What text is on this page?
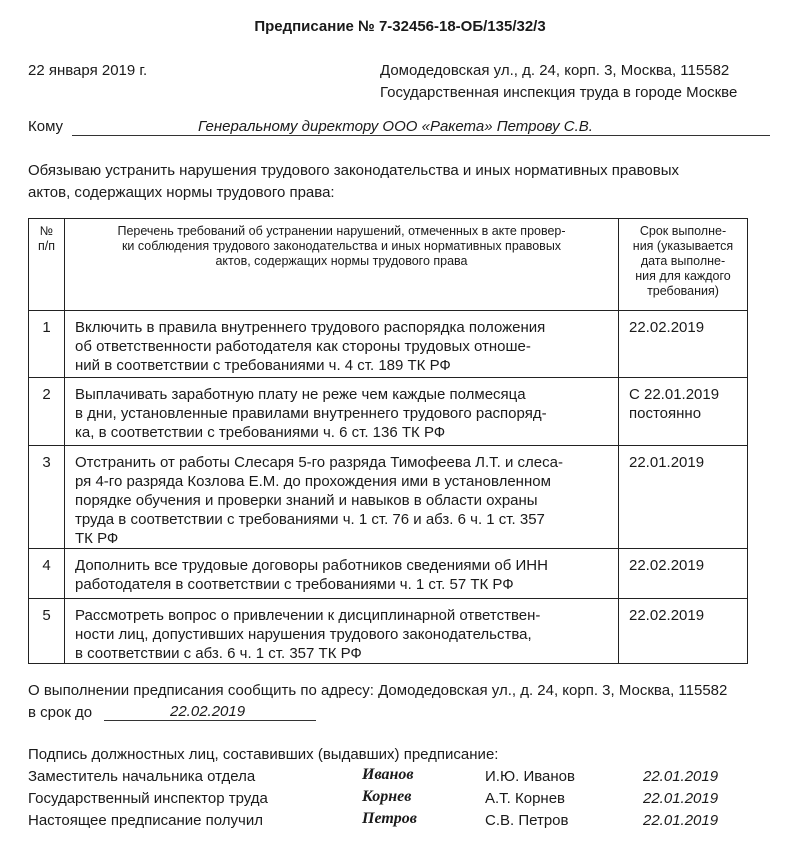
Предписание № 7-32456-18-ОБ/135/32/3
22 января 2019 г.	Домодедовская ул., д. 24, корп. 3, Москва, 115582
Государственная инспекция труда в городе Москве
Кому	Генеральному директору ООО «Ракета» Петрову С.В.
Обязываю устранить нарушения трудового законодательства и иных нормативных правовых
актов, содержащих нормы трудового права:
№
п/п	Перечень требований об устранении нарушений, отмеченных в акте провер-
ки соблюдения трудового законодательства и иных нормативных правовых
актов, содержащих нормы трудового права	Срок выполне-
ния (указывается
дата выполне-
ния для каждого
требования)
1	Включить в правила внутреннего трудового распорядка положения
об ответственности работодателя как стороны трудовых отноше-
ний в соответствии с требованиями ч. 4 ст. 189 ТК РФ	22.02.2019
2	Выплачивать заработную плату не реже чем каждые полмесяца
в дни, установленные правилами внутреннего трудового распоряд-
ка, в соответствии с требованиями ч. 6 ст. 136 ТК РФ	С 22.01.2019
постоянно
3	Отстранить от работы Слесаря 5-го разряда Тимофеева Л.Т. и слеса-
ря 4-го разряда Козлова Е.М. до прохождения ими в установленном
порядке обучения и проверки знаний и навыков в области охраны
труда в соответствии с требованиями ч. 1 ст. 76 и абз. 6 ч. 1 ст. 357
ТК РФ	22.01.2019
4	Дополнить все трудовые договоры работников сведениями об ИНН
работодателя в соответствии с требованиями ч. 1 ст. 57 ТК РФ	22.02.2019
5	Рассмотреть вопрос о привлечении к дисциплинарной ответствен-
ности лиц, допустивших нарушения трудового законодательства,
в соответствии с абз. 6 ч. 1 ст. 357 ТК РФ	22.02.2019
О выполнении предписания сообщить по адресу: Домодедовская ул., д. 24, корп. 3, Москва, 115582
в срок до	22.02.2019
Подпись должностных лиц, составивших (выдавших) предписание:
Заместитель начальника отдела	Иванов	И.Ю. Иванов	22.01.2019
Государственный инспектор труда	Корнев	А.Т. Корнев	22.01.2019
Настоящее предписание получил	Петров	С.В. Петров	22.01.2019
